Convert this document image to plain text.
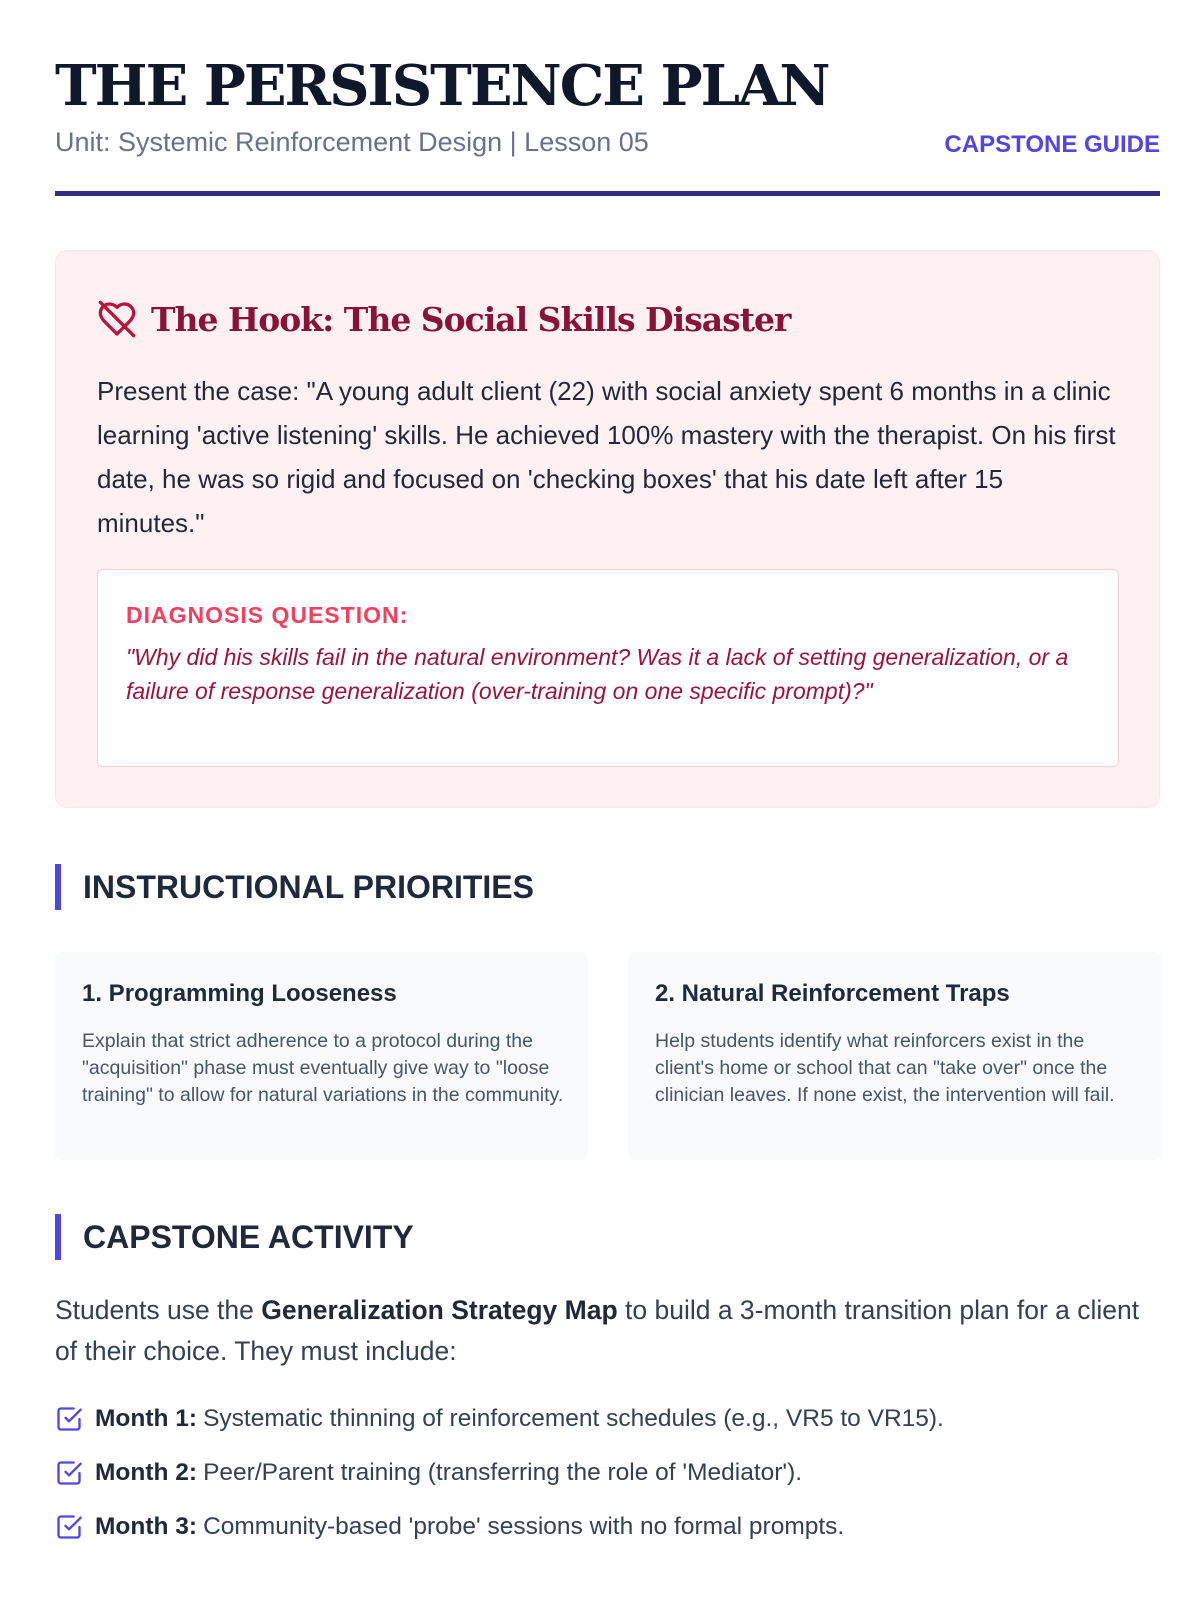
THE PERSISTENCE PLAN
Unit: Systemic Reinforcement Design | Lesson 05	CAPSTONE GUIDE
The Hook: The Social Skills Disaster

Present the case: "A young adult client (22) with social anxiety spent 6 months in a clinic learning 'active listening' skills. He achieved 100% mastery with the therapist. On his first date, he was so rigid and focused on 'checking boxes' that his date left after 15 minutes."

DIAGNOSIS QUESTION:
"Why did his skills fail in the natural environment? Was it a lack of setting generalization, or a failure of response generalization (over-training on one specific prompt)?"
INSTRUCTIONAL PRIORITIES
1. Programming Looseness
Explain that strict adherence to a protocol during the "acquisition" phase must eventually give way to "loose training" to allow for natural variations in the community.
2. Natural Reinforcement Traps
Help students identify what reinforcers exist in the client's home or school that can "take over" once the clinician leaves. If none exist, the intervention will fail.
CAPSTONE ACTIVITY

Students use the Generalization Strategy Map to build a 3-month transition plan for a client of their choice. They must include:

Month 1: Systematic thinning of reinforcement schedules (e.g., VR5 to VR15).
Month 2: Peer/Parent training (transferring the role of 'Mediator').
Month 3: Community-based 'probe' sessions with no formal prompts.
